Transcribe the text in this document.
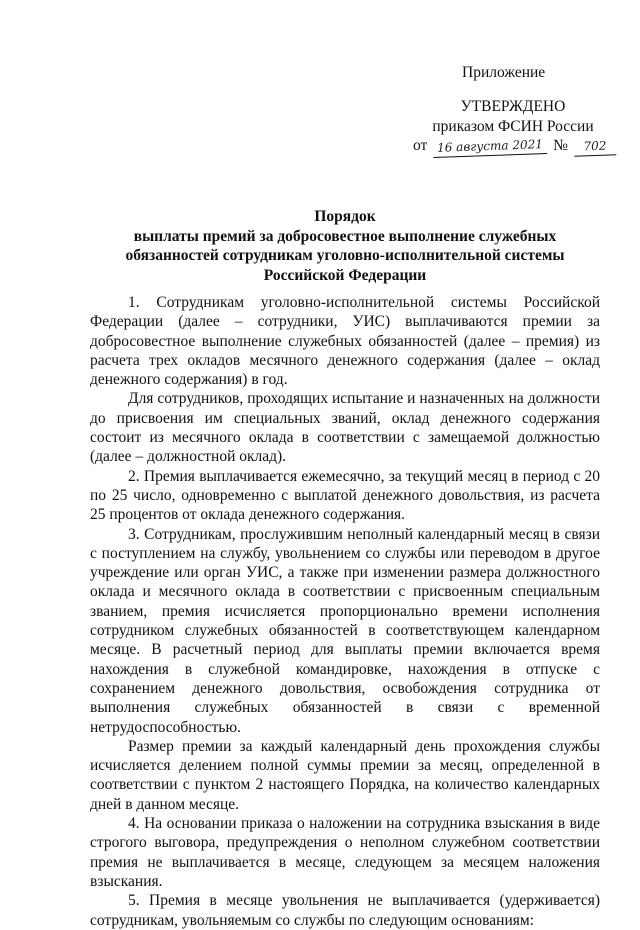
Приложение
УТВЕРЖДЕНО
приказом ФСИН России
от 16 августа 2021 № 702
Порядок
выплаты премий за добросовестное выполнение служебных
обязанностей сотрудникам уголовно-исполнительной системы
Российской Федерации

1. Сотрудникам уголовно-исполнительной системы Российской Федерации (далее – сотрудники, УИС) выплачиваются премии за добросовестное выполнение служебных обязанностей (далее – премия) из расчета трех окладов месячного денежного содержания (далее – оклад денежного содержания) в год.

Для сотрудников, проходящих испытание и назначенных на должности до присвоения им специальных званий, оклад денежного содержания состоит из месячного оклада в соответствии с замещаемой должностью (далее – должностной оклад).

2. Премия выплачивается ежемесячно, за текущий месяц в период с 20 по 25 число, одновременно с выплатой денежного довольствия, из расчета 25 процентов от оклада денежного содержания.

3. Сотрудникам, прослужившим неполный календарный месяц в связи с поступлением на службу, увольнением со службы или переводом в другое учреждение или орган УИС, а также при изменении размера должностного оклада и месячного оклада в соответствии с присвоенным специальным званием, премия исчисляется пропорционально времени исполнения сотрудником служебных обязанностей в соответствующем календарном месяце. В расчетный период для выплаты премии включается время нахождения в служебной командировке, нахождения в отпуске с сохранением денежного довольствия, освобождения сотрудника от выполнения служебных обязанностей в связи с временной нетрудоспособностью.

Размер премии за каждый календарный день прохождения службы исчисляется делением полной суммы премии за месяц, определенной в соответствии с пунктом 2 настоящего Порядка, на количество календарных дней в данном месяце.

4. На основании приказа о наложении на сотрудника взыскания в виде строгого выговора, предупреждения о неполном служебном соответствии премия не выплачивается в месяце, следующем за месяцем наложения взыскания.

5. Премия в месяце увольнения не выплачивается (удерживается) сотрудникам, увольняемым со службы по следующим основаниям:
